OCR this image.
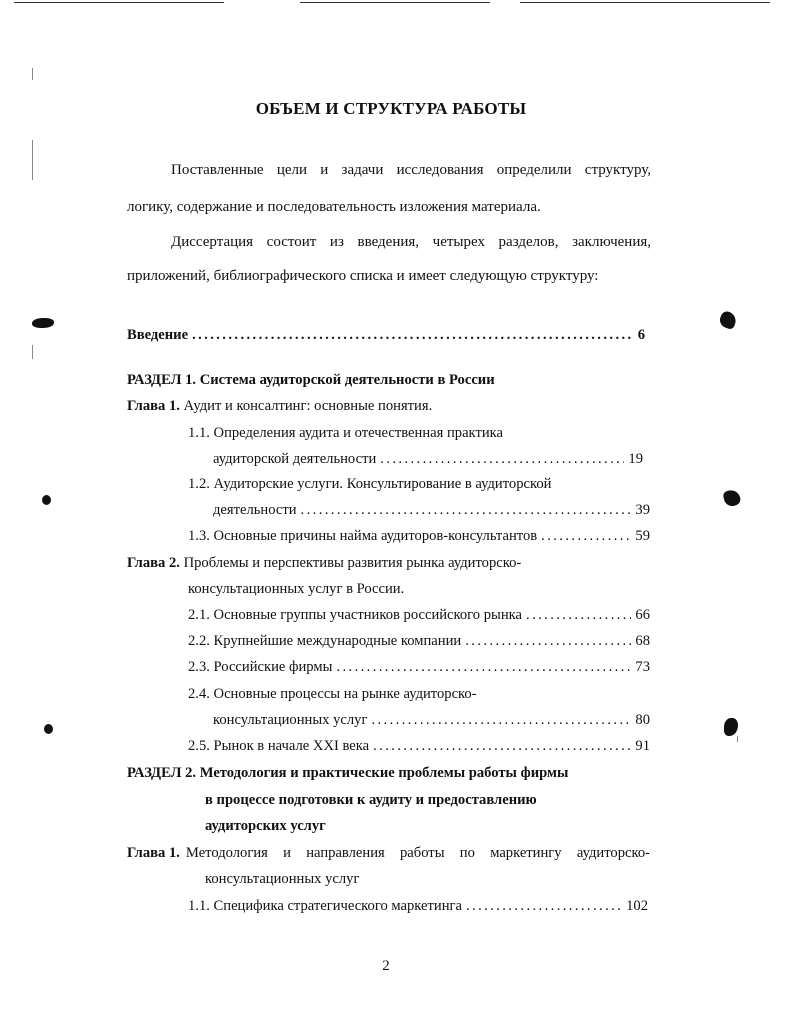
ОБЪЕМ И СТРУКТУРА РАБОТЫ
Поставленные цели и задачи исследования определили структуру,
логику, содержание и последовательность изложения материала.
Диссертация состоит из введения, четырех разделов, заключения,
приложений, библиографического списка и имеет следующую структуру:
Введение .....	6
РАЗДЕЛ 1. Система аудиторской деятельности в России
Глава 1. Аудит и консалтинг: основные понятия.
1.1. Определения аудита и отечественная практика
аудиторской деятельности .....	19
1.2. Аудиторские услуги. Консультирование в аудиторской
деятельности .....	39
1.3. Основные причины найма аудиторов-консультантов .....	59
Глава 2. Проблемы и перспективы развития рынка аудиторско-
консультационных услуг в России.
2.1. Основные группы участников российского рынка .....	66
2.2. Крупнейшие международные компании .....	68
2.3. Российские фирмы .....	73
2.4. Основные процессы на рынке аудиторско-
консультационных услуг .....	80
2.5. Рынок в начале XXI века .....	91
РАЗДЕЛ 2. Методология и практические проблемы работы фирмы
в процессе подготовки к аудиту и предоставлению
аудиторских услуг
Глава 1. Методология и направления работы по маркетингу аудиторско-
консультационных услуг
1.1. Специфика стратегического маркетинга .....	102
2
